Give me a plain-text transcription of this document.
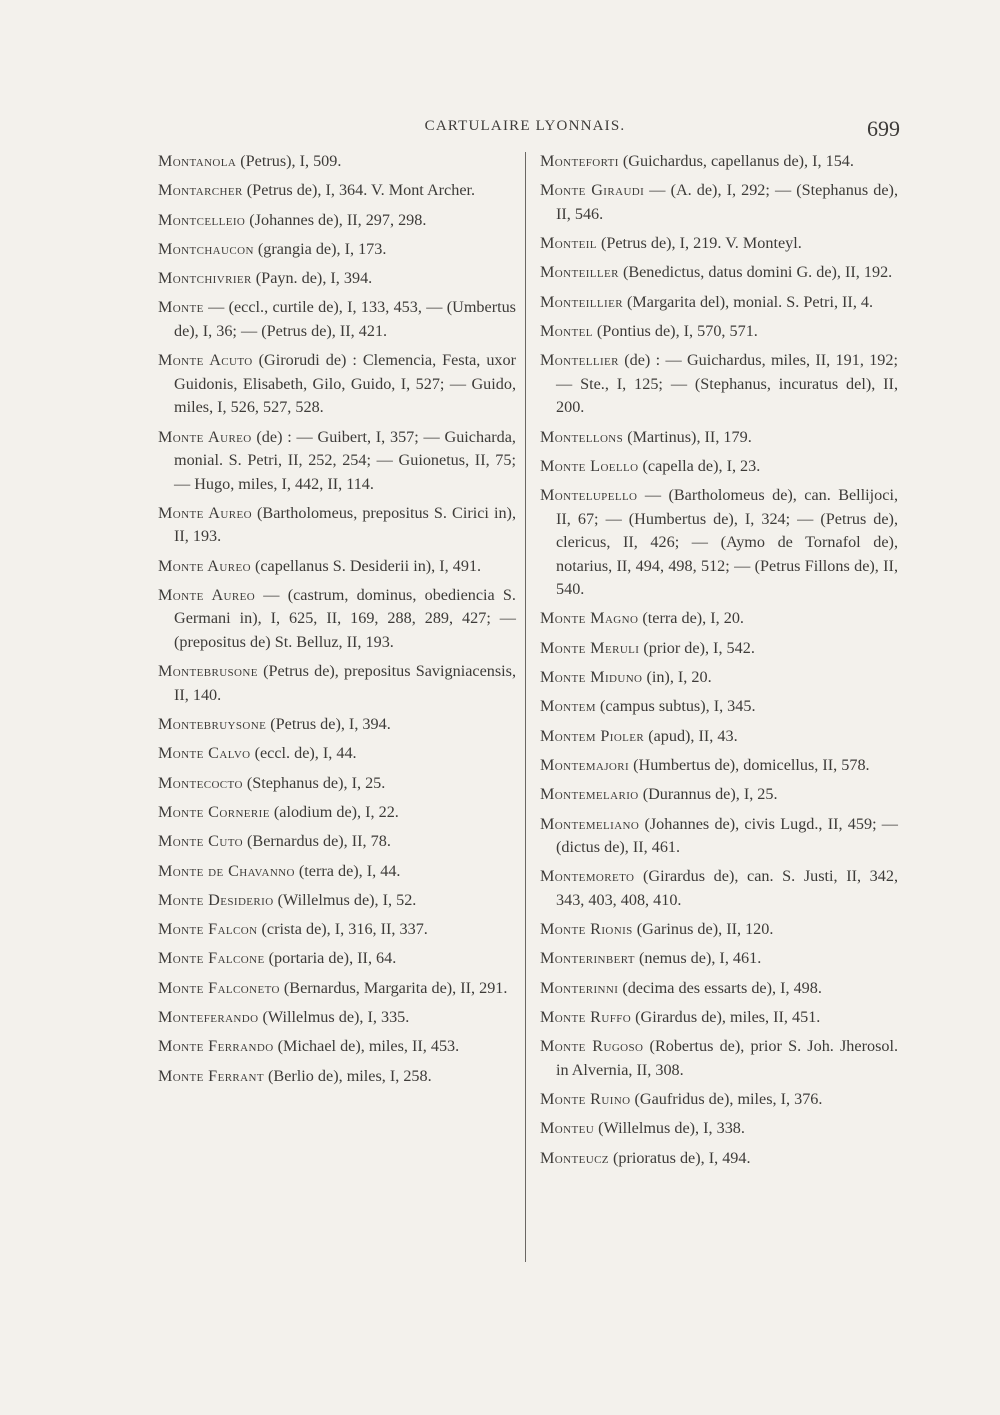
CARTULAIRE LYONNAIS.	699

Montanola (Petrus), I, 509.

Montarcher (Petrus de), I, 364. V. Mont Archer.

Montcelleio (Johannes de), II, 297, 298.

Montchaucon (grangia de), I, 173.

Montchivrier (Payn. de), I, 394.

Monte — (eccl., curtile de), I, 133, 453, — (Umbertus de), I, 36; — (Petrus de), II, 421.

Monte Acuto (Girorudi de) : Clemencia, Festa, uxor Guidonis, Elisabeth, Gilo, Guido, I, 527; — Guido, miles, I, 526, 527, 528.

Monte Aureo (de) : — Guibert, I, 357; — Guicharda, monial. S. Petri, II, 252, 254; — Guionetus, II, 75; — Hugo, miles, I, 442, II, 114.

Monte Aureo (Bartholomeus, prepositus S. Cirici in), II, 193.

Monte Aureo (capellanus S. Desiderii in), I, 491.

Monte Aureo — (castrum, dominus, obediencia S. Germani in), I, 625, II, 169, 288, 289, 427; — (prepositus de) St. Belluz, II, 193.

Montebrusone (Petrus de), prepositus Savigniacensis, II, 140.

Montebruysone (Petrus de), I, 394.

Monte Calvo (eccl. de), I, 44.

Montecocto (Stephanus de), I, 25.

Monte Cornerie (alodium de), I, 22.

Monte Cuto (Bernardus de), II, 78.

Monte de Chavanno (terra de), I, 44.

Monte Desiderio (Willelmus de), I, 52.

Monte Falcon (crista de), I, 316, II, 337.

Monte Falcone (portaria de), II, 64.

Monte Falconeto (Bernardus, Margarita de), II, 291.

Monteferando (Willelmus de), I, 335.

Monte Ferrando (Michael de), miles, II, 453.

Monte Ferrant (Berlio de), miles, I, 258.

Monteforti (Guichardus, capellanus de), I, 154.

Monte Giraudi — (A. de), I, 292; — (Stephanus de), II, 546.

Monteil (Petrus de), I, 219. V. Monteyl.

Monteiller (Benedictus, datus domini G. de), II, 192.

Monteillier (Margarita del), monial. S. Petri, II, 4.

Montel (Pontius de), I, 570, 571.

Montellier (de) : — Guichardus, miles, II, 191, 192; — Ste., I, 125; — (Stephanus, incuratus del), II, 200.

Montellons (Martinus), II, 179.

Monte Loello (capella de), I, 23.

Montelupello — (Bartholomeus de), can. Bellijoci, II, 67; — (Humbertus de), I, 324; — (Petrus de), clericus, II, 426; — (Aymo de Tornafol de), notarius, II, 494, 498, 512; — (Petrus Fillons de), II, 540.

Monte Magno (terra de), I, 20.

Monte Meruli (prior de), I, 542.

Monte Miduno (in), I, 20.

Montem (campus subtus), I, 345.

Montem Pioler (apud), II, 43.

Montemajori (Humbertus de), domicellus, II, 578.

Montemelario (Durannus de), I, 25.

Montemeliano (Johannes de), civis Lugd., II, 459; — (dictus de), II, 461.

Montemoreto (Girardus de), can. S. Justi, II, 342, 343, 403, 408, 410.

Monte Rionis (Garinus de), II, 120.

Monterinbert (nemus de), I, 461.

Monterinni (decima des essarts de), I, 498.

Monte Ruffo (Girardus de), miles, II, 451.

Monte Rugoso (Robertus de), prior S. Joh. Jherosol. in Alvernia, II, 308.

Monte Ruino (Gaufridus de), miles, I, 376.

Monteu (Willelmus de), I, 338.

Monteucz (prioratus de), I, 494.
